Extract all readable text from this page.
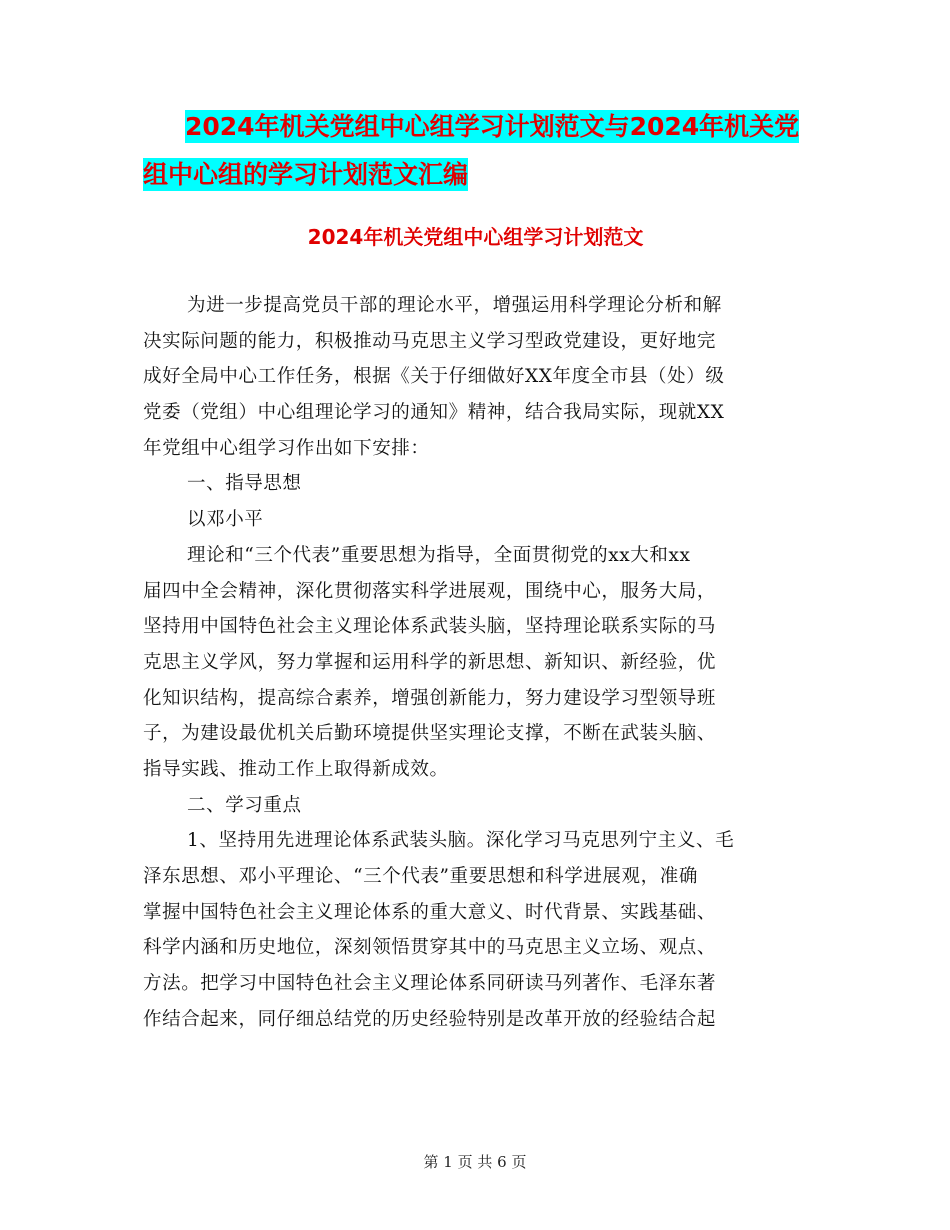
2024年机关党组中心组学习计划范文与2024年机关党
组中心组的学习计划范文汇编
2024年机关党组中心组学习计划范文
为进一步提高党员干部的理论水平，增强运用科学理论分析和解
决实际问题的能力，积极推动马克思主义学习型政党建设，更好地完
成好全局中心工作任务，根据《关于仔细做好XX年度全市县（处）级
党委（党组）中心组理论学习的通知》精神，结合我局实际，现就XX
年党组中心组学习作出如下安排：
一、指导思想
以邓小平
理论和“三个代表”重要思想为指导，全面贯彻党的xx大和xx
届四中全会精神，深化贯彻落实科学进展观，围绕中心，服务大局，
坚持用中国特色社会主义理论体系武装头脑，坚持理论联系实际的马
克思主义学风，努力掌握和运用科学的新思想、新知识、新经验，优
化知识结构，提高综合素养，增强创新能力，努力建设学习型领导班
子，为建设最优机关后勤环境提供坚实理论支撑，不断在武装头脑、
指导实践、推动工作上取得新成效。
二、学习重点
1、坚持用先进理论体系武装头脑。深化学习马克思列宁主义、毛
泽东思想、邓小平理论、“三个代表”重要思想和科学进展观，准确
掌握中国特色社会主义理论体系的重大意义、时代背景、实践基础、
科学内涵和历史地位，深刻领悟贯穿其中的马克思主义立场、观点、
方法。把学习中国特色社会主义理论体系同研读马列著作、毛泽东著
作结合起来，同仔细总结党的历史经验特别是改革开放的经验结合起
第 1 页 共 6 页
